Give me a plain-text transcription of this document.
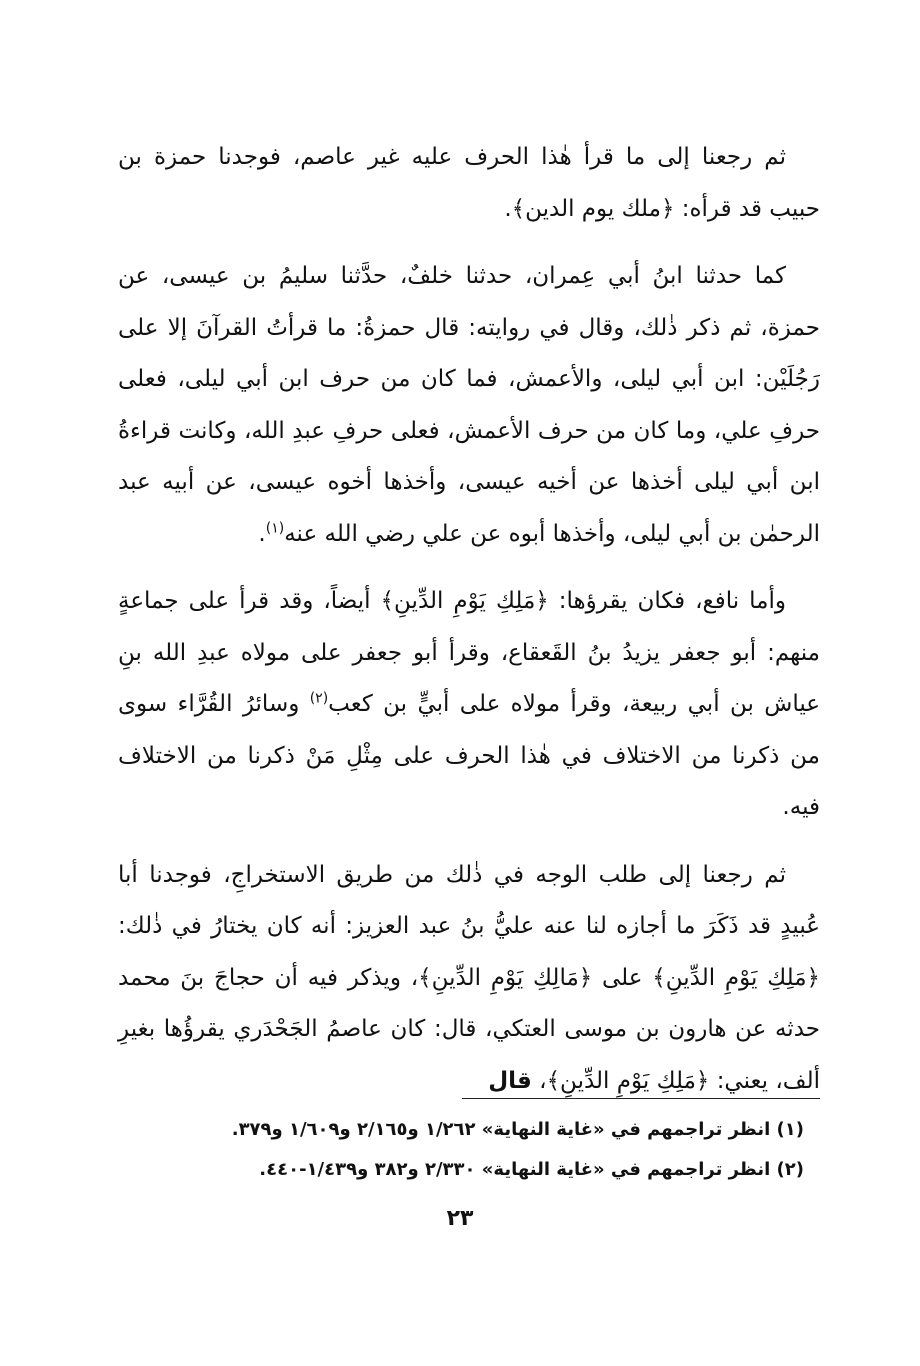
ثم رجعنا إلى ما قرأ هٰذا الحرف عليه غير عاصم، فوجدنا حمزة بن حبيب قد قرأه: ﴿ملك يوم الدين﴾.

كما حدثنا ابنُ أبي عِمران، حدثنا خلفٌ، حدَّثنا سليمُ بن عيسى، عن حمزة، ثم ذكر ذٰلك، وقال في روايته: قال حمزةُ: ما قرأتُ القرآنَ إلا على رَجُلَيْن: ابن أبي ليلى، والأعمش، فما كان من حرف ابن أبي ليلى، فعلى حرفِ علي، وما كان من حرف الأعمش، فعلى حرفِ عبدِ الله، وكانت قراءةُ ابن أبي ليلى أخذها عن أخيه عيسى، وأخذها أخوه عيسى، عن أبيه عبد الرحمٰن بن أبي ليلى، وأخذها أبوه عن علي رضي الله عنه$^{(١)}$.

وأما نافع، فكان يقرؤها: ﴿مَلِكِ يَوْمِ الدِّينِ﴾ أيضاً، وقد قرأ على جماعةٍ منهم: أبو جعفر يزيدُ بنُ القَعقاع، وقرأ أبو جعفر على مولاه عبدِ الله بنِ عياش بن أبي ربيعة، وقرأ مولاه على أبيٍّ بن كعب$^{(٢)}$ وسائرُ القُرَّاء سوى من ذكرنا من الاختلاف في هٰذا الحرف على مِثْلِ مَنْ ذكرنا من الاختلاف فيه.

ثم رجعنا إلى طلب الوجه في ذٰلك من طريق الاستخراجِ، فوجدنا أبا عُبيدٍ قد ذَكَرَ ما أجازه لنا عنه عليُّ بنُ عبد العزيز: أنه كان يختارُ في ذٰلك: ﴿مَلِكِ يَوْمِ الدِّينِ﴾ على ﴿مَالِكِ يَوْمِ الدِّينِ﴾، ويذكر فيه أن حجاجَ بنَ محمد حدثه عن هارون بن موسى العتكي، قال: كان عاصمُ الجَحْدَري يقرؤُها بغيرِ ألف، يعني: ﴿مَلِكِ يَوْمِ الدِّينِ﴾، قال

(١) انظر تراجمهم في «غاية النهاية» ١/٢٦٢ و٢/١٦٥ و١/٦٠٩ و٣٧٩.

(٢) انظر تراجمهم في «غاية النهاية» ٢/٣٣٠ و٣٨٢ و١/٤٣٩-٤٤٠.

٢٣
